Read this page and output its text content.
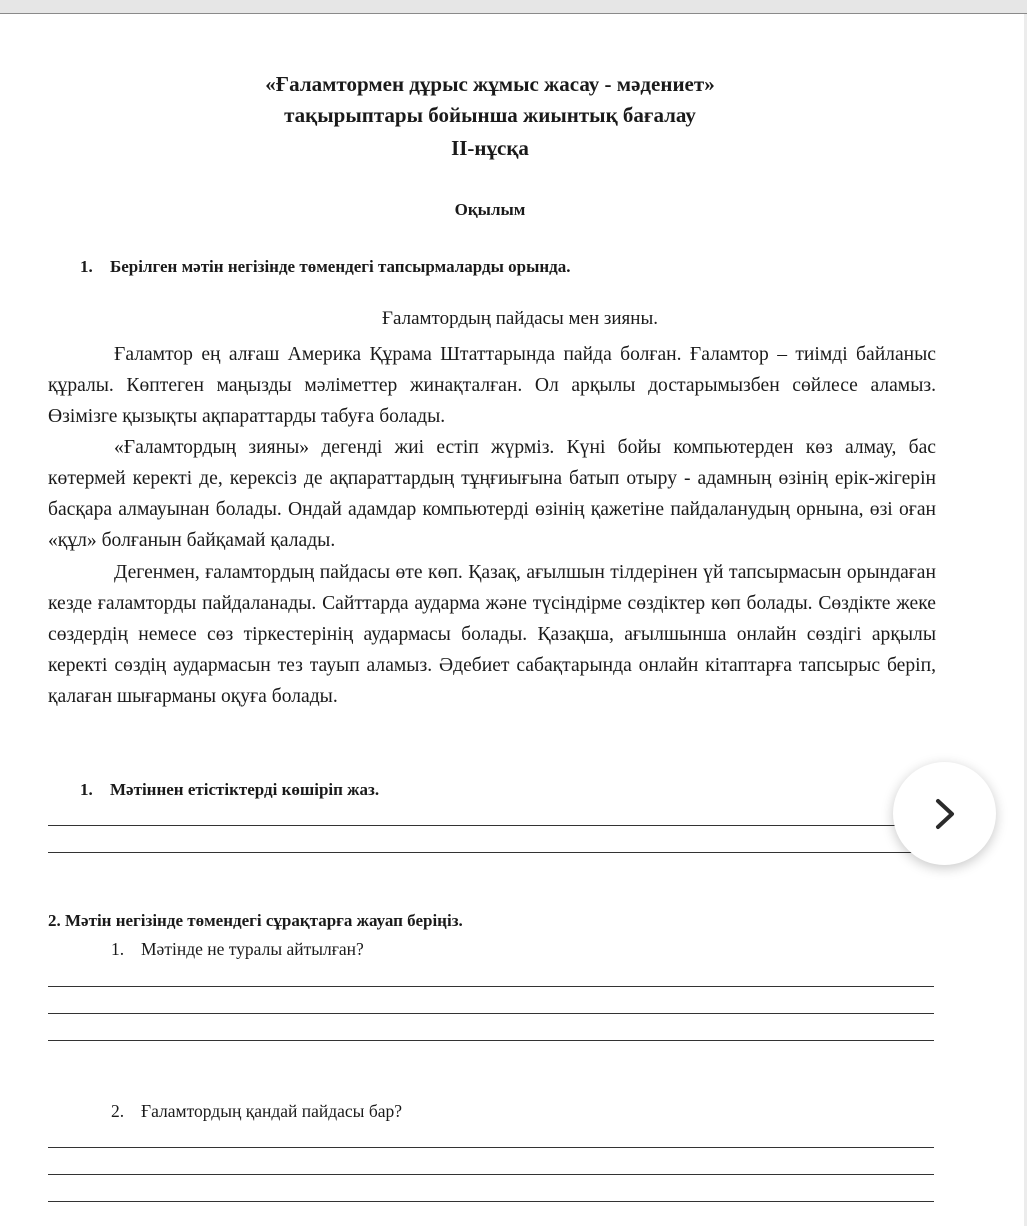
«Ғаламтормен дұрыс жұмыс жасау - мәдениет»
тақырыптары бойынша жиынтық бағалау
II-нұсқа
Оқылым
1. Берілген мәтін негізінде төмендегі тапсырмаларды орында.
Ғаламтордың пайдасы мен зияны.

Ғаламтор ең алғаш Америка Құрама Штаттарында пайда болған. Ғаламтор – тиімді байланыс құралы. Көптеген маңызды мәліметтер жинақталған. Ол арқылы достарымызбен сөйлесе аламыз. Өзімізге қызықты ақпараттарды табуға болады.

«Ғаламтордың зияны» дегенді жиі естіп жүрміз. Күні бойы компьютерден көз алмау, бас көтермей керекті де, керексіз де ақпараттардың тұңғиығына батып отыру - адамның өзінің ерік-жігерін басқара алмауынан болады. Ондай адамдар компьютерді өзінің қажетіне пайдаланудың орнына, өзі оған «құл» болғанын байқамай қалады.

Дегенмен, ғаламтордың пайдасы өте көп. Қазақ, ағылшын тілдерінен үй тапсырмасын орындаған кезде ғаламторды пайдаланады. Сайттарда аударма және түсіндірме сөздіктер көп болады. Сөздікте жеке сөздердің немесе сөз тіркестерінің аудармасы болады. Қазақша, ағылшынша онлайн сөздігі арқылы керекті сөздің аудармасын тез тауып аламыз. Әдебиет сабақтарында онлайн кітаптарға тапсырыс беріп, қалаған шығарманы оқуға болады.

1. Мәтіннен етістіктерді көшіріп жаз.
2. Мәтін негізінде төмендегі сұрақтарға жауап беріңіз.
1. Мәтінде не туралы айтылған?
2. Ғаламтордың қандай пайдасы бар?
